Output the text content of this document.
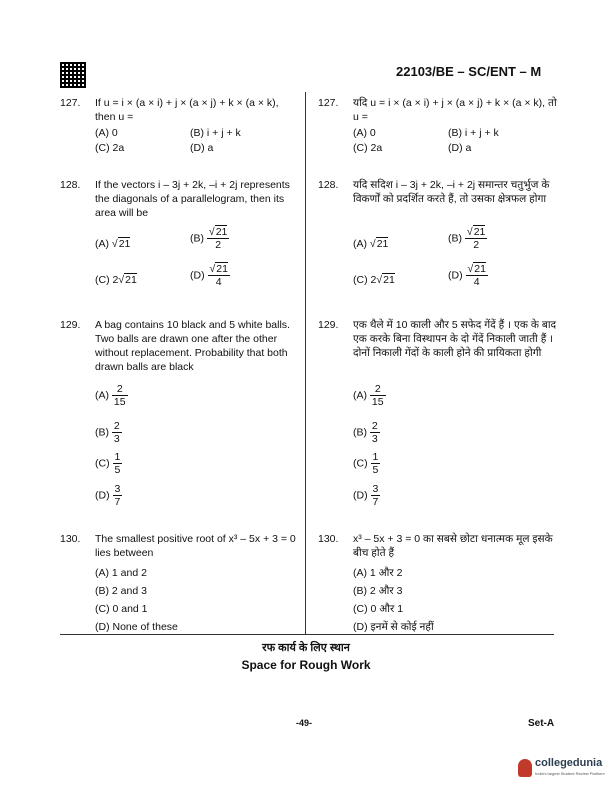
22103/BE – SC/ENT – M
127. If u = i × (a × i) + j × (a × j) + k × (a × k), then u =
(A) 0	(B) i + j + k
(C) 2a	(D) a
127. यदि u = i × (a × i) + j × (a × j) + k × (a × k), तो u =
(A) 0	(B) i + j + k
(C) 2a	(D) a
128. If the vectors i – 3j + 2k, –i + 2j represents the diagonals of a parallelogram, then its area will be
(A) √21	$(B) \frac{√21}{2}$
(C) 2√21	$(D) \frac{√21}{4}$
128. यदि सदिश i – 3j + 2k, –i + 2j समान्तर चतुर्भुज के विकर्णों को प्रदर्शित करते हैं, तो उसका क्षेत्रफल होगा
(A) √21	$(B) \frac{√21}{2}$
(C) 2√21	$(D) \frac{√21}{4}$
129. A bag contains 10 black and 5 white balls. Two balls are drawn one after the other without replacement. Probability that both drawn balls are black
$(A) \frac{2}{15}$
$(B) \frac{2}{3}$
$(C) \frac{1}{5}$
$(D) \frac{3}{7}$
129. एक थैले में 10 काली और 5 सफेद गेंदें हैं । एक के बाद एक करके बिना विस्थापन के दो गेंदें निकाली जाती हैं । दोनों निकाली गेंदों के काली होने की प्रायिकता होगी
$(A) \frac{2}{15}$
$(B) \frac{2}{3}$
$(C) \frac{1}{5}$
$(D) \frac{3}{7}$
130. The smallest positive root of x³ – 5x + 3 = 0 lies between
(A) 1 and 2
(B) 2 and 3
(C) 0 and 1
(D) None of these
130. x³ – 5x + 3 = 0 का सबसे छोटा धनात्मक मूल इसके बीच होते हैं
(A) 1 और 2
(B) 2 और 3
(C) 0 और 1
(D) इनमें से कोई नहीं
रफ कार्य के लिए स्थान
Space for Rough Work
-49-	Set-A
collegedunia
India's largest Student Review Platform
